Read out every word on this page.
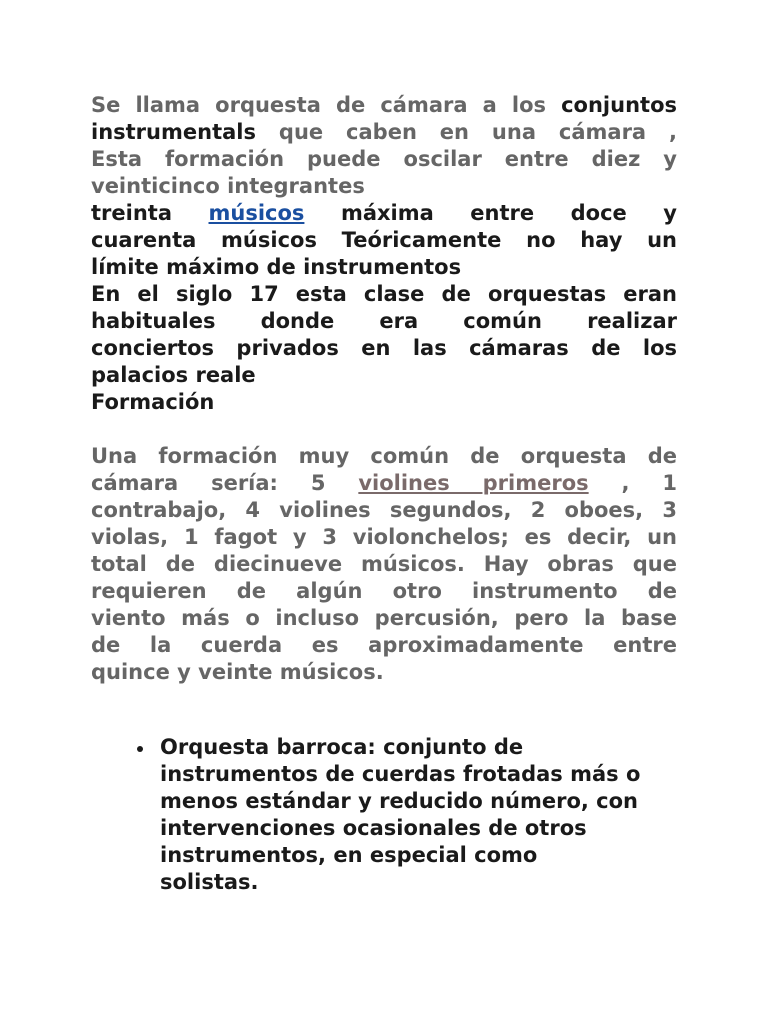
Se llama orquesta de cámara a los conjuntos
instrumentals que caben en una cámara ,
Esta formación puede oscilar entre diez y
veinticinco integrantes
treinta músicos máxima entre doce y
cuarenta músicos Teóricamente no hay un
límite máximo de instrumentos
En el siglo 17 esta clase de orquestas eran
habituales donde era común realizar
conciertos privados en las cámaras de los
palacios reale
Formación
Una formación muy común de orquesta de
cámara sería: 5 violines primeros , 1
contrabajo, 4 violines segundos, 2 oboes, 3
violas, 1 fagot y 3 violonchelos; es decir, un
total de diecinueve músicos. Hay obras que
requieren de algún otro instrumento de
viento más o incluso percusión, pero la base
de la cuerda es aproximadamente entre
quince y veinte músicos.
Orquesta barroca: conjunto de
instrumentos de cuerdas frotadas más o
menos estándar y reducido número, con
intervenciones ocasionales de otros
instrumentos, en especial como
solistas.
